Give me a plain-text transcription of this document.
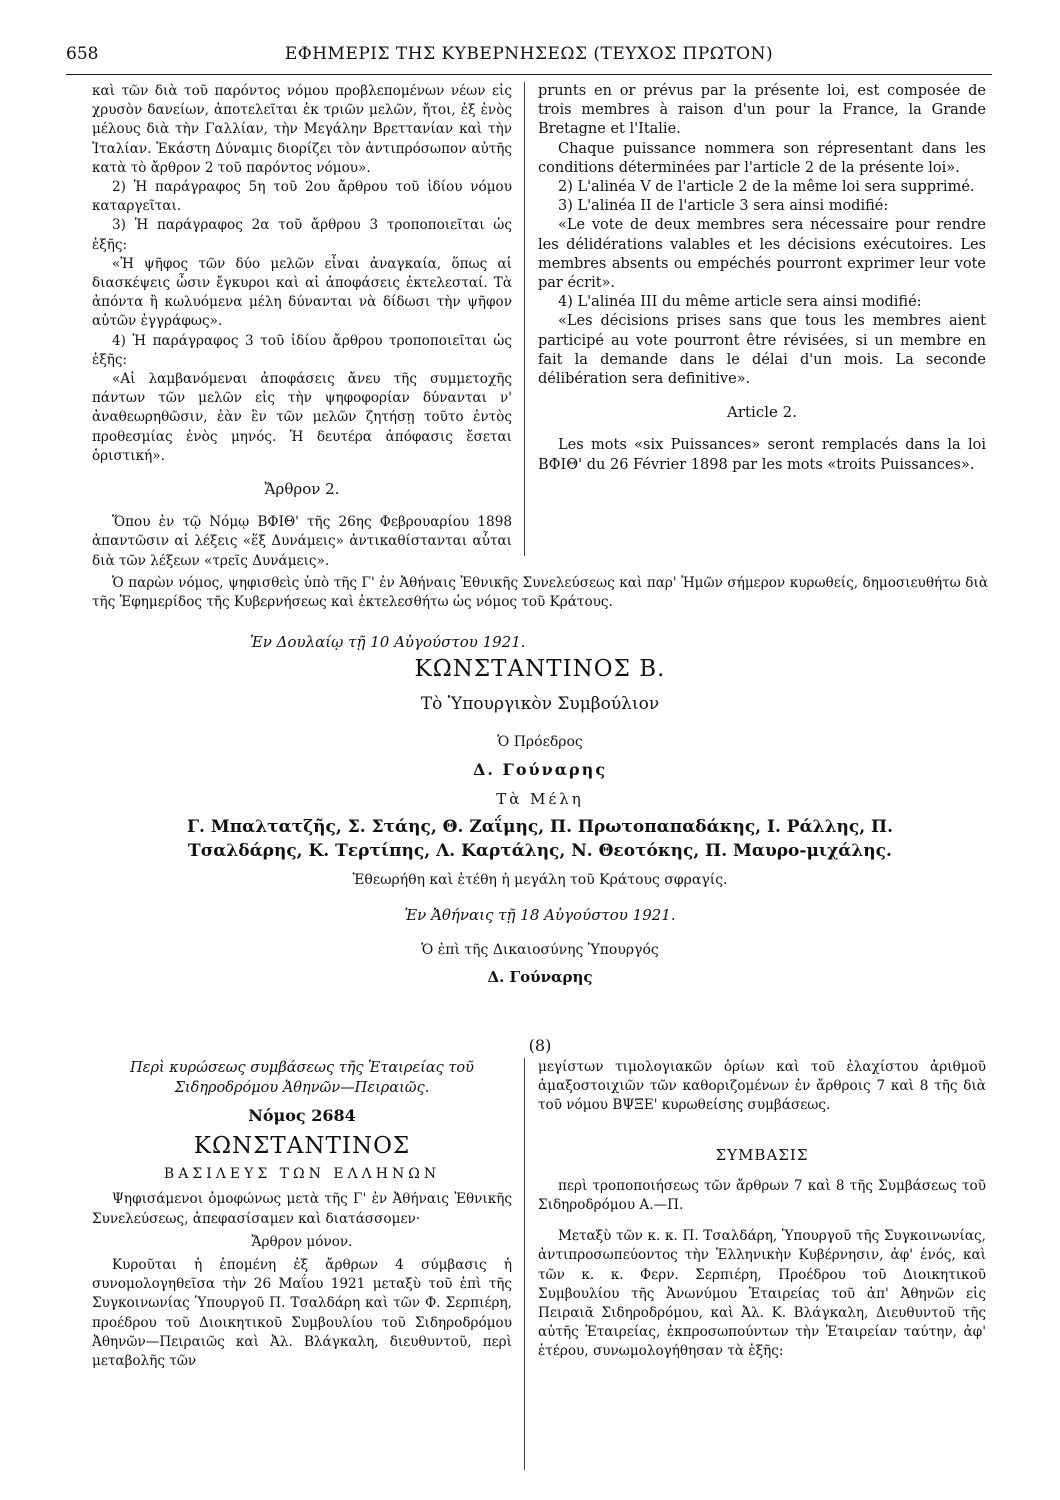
658	ΕΦΗΜΕΡΙΣ ΤΗΣ ΚΥΒΕΡΝΗΣΕΩΣ (ΤΕΥΧΟΣ ΠΡΩΤΟΝ)

καὶ τῶν διὰ τοῦ παρόντος νόμου προβλεπομένων νέων εἰς χρυσὸν δανείων, ἀποτελεῖται ἐκ τριῶν μελῶν, ἤτοι, ἐξ ἑνὸς μέλους διὰ τὴν Γαλλίαν, τὴν Μεγάλην Βρεττανίαν καὶ τὴν Ἰταλίαν. Ἑκάστη Δύναμις διορίζει τὸν ἀντιπρόσωπον αὐτῆς κατὰ τὸ ἄρθρον 2 τοῦ παρόντος νόμου».

2) Ἡ παράγραφος 5η τοῦ 2ου ἄρθρου τοῦ ἰδίου νόμου καταργεῖται.

3) Ἡ παράγραφος 2α τοῦ ἄρθρου 3 τροποποιεῖται ὡς ἑξῆς:

«Ἡ ψῆφος τῶν δύο μελῶν εἶναι ἀναγκαία, ὅπως αἱ διασκέψεις ὦσιν ἔγκυροι καὶ αἱ ἀποφάσεις ἐκτελεσταί. Τὰ ἀπόντα ἢ κωλυόμενα μέλη δύνανται νὰ δίδωσι τὴν ψῆφον αὐτῶν ἐγγράφως».

4) Ἡ παράγραφος 3 τοῦ ἰδίου ἄρθρου τροποποιεῖται ὡς ἑξῆς:

«Αἱ λαμβανόμεναι ἀποφάσεις ἄνευ τῆς συμμετοχῆς πάντων τῶν μελῶν εἰς τὴν ψηφοφορίαν δύνανται ν' ἀναθεωρηθῶσιν, ἐὰν ἓν τῶν μελῶν ζητήσῃ τοῦτο ἐντὸς προθεσμίας ἑνὸς μηνός. Ἡ δευτέρα ἀπόφασις ἔσεται ὁριστική».

Ἄρθρον 2.

Ὅπου ἐν τῷ Νόμῳ ΒΦΙΘ' τῆς 26ης Φεβρουαρίου 1898 ἀπαντῶσιν αἱ λέξεις «ἕξ Δυνάμεις» ἀντικαθίστανται αὗται διὰ τῶν λέξεων «τρεῖς Δυνάμεις».

prunts en or prévus par la présente loi, est composée de trois membres à raison d'un pour la France, la Grande Bretagne et l'Italie.

Chaque puissance nommera son répresentant dans les conditions déterminées par l'article 2 de la présente loi».

2) L'alinéa V de l'article 2 de la même loi sera supprimé.

3) L'alinéa II de l'article 3 sera ainsi modifié:

«Le vote de deux membres sera nécessaire pour rendre les délidérations valables et les décisions exécutoires. Les membres absents ou empéchés pourront exprimer leur vote par écrit».

4) L'alinéa III du même article sera ainsi modifié:

«Les décisions prises sans que tous les membres aient participé au vote pourront être révisées, si un membre en fait la demande dans le délai d'un mois. La seconde délibération sera definitive».

Article 2.

Les mots «six Puissances» seront remplacés dans la loi ΒΦΙΘ' du 26 Février 1898 par les mots «troits Puissances».

Ὁ παρὼν νόμος, ψηφισθεὶς ὑπὸ τῆς Γ' ἐν Ἀθήναις Ἐθνικῆς Συνελεύσεως καὶ παρ' Ἡμῶν σήμερον κυρωθείς, δημοσιευθήτω διὰ τῆς Ἐφημερίδος τῆς Κυβερνήσεως καὶ ἐκτελεσθήτω ὡς νόμος τοῦ Κράτους.

Ἐν Δουλαίῳ τῇ 10 Αὐγούστου 1921.
ΚΩΝΣΤΑΝΤΙΝΟΣ Β.
Τὸ Ὑπουργικὸν Συμβούλιον
Ὁ Πρόεδρος
Δ. Γούναρης
Τὰ Μέλη
Γ. Μπαλτατζῆς, Σ. Στάης, Θ. Ζαΐμης, Π. Πρωτοπαπαδάκης, Ι. Ράλλης, Π.
Τσαλδάρης, Κ. Τερτίπης, Λ. Καρτάλης, Ν. Θεοτόκης, Π. Μαυρο-μιχάλης.
Ἐθεωρήθη καὶ ἐτέθη ἡ μεγάλη τοῦ Κράτους σφραγίς.
Ἐν Ἀθήναις τῇ 18 Αὐγούστου 1921.
Ὁ ἐπὶ τῆς Δικαιοσύνης Ὑπουργός
Δ. Γούναρης
(8)

Περὶ κυρώσεως συμβάσεως τῆς Ἑταιρείας τοῦ Σιδηροδρόμου Ἀθηνῶν—Πειραιῶς.

Νόμος 2684

ΚΩΝΣΤΑΝΤΙΝΟΣ

ΒΑΣΙΛΕΥΣ ΤΩΝ ΕΛΛΗΝΩΝ

Ψηφισάμενοι ὁμοφώνως μετὰ τῆς Γ' ἐν Ἀθήναις Ἐθνικῆς Συνελεύσεως, ἀπεφασίσαμεν καὶ διατάσσομεν·

Ἄρθρον μόνον.

Κυροῦται ἡ ἑπομένη ἐξ ἄρθρων 4 σύμβασις ἡ συνομολογηθεῖσα τὴν 26 Μαΐου 1921 μεταξὺ τοῦ ἐπὶ τῆς Συγκοινωνίας Ὑπουργοῦ Π. Τσαλδάρη καὶ τῶν Φ. Σερπιέρη, προέδρου τοῦ Διοικητικοῦ Συμβουλίου τοῦ Σιδηροδρόμου Ἀθηνῶν—Πειραιῶς καὶ Ἀλ. Βλάγκαλη, διευθυντοῦ, περὶ μεταβολῆς τῶν

μεγίστων τιμολογιακῶν ὁρίων καὶ τοῦ ἐλαχίστου ἀριθμοῦ ἁμαξοστοιχιῶν τῶν καθοριζομένων ἐν ἄρθροις 7 καὶ 8 τῆς διὰ τοῦ νόμου ΒΨΞΕ' κυρωθείσης συμβάσεως.

ΣΥΜΒΑΣΙΣ

περὶ τροποποιήσεως τῶν ἄρθρων 7 καὶ 8 τῆς Συμβάσεως τοῦ Σιδηροδρόμου Α.—Π.

Μεταξὺ τῶν κ. κ. Π. Τσαλδάρη, Ὑπουργοῦ τῆς Συγκοινωνίας, ἀντιπροσωπεύοντος τὴν Ἑλληνικὴν Κυβέρνησιν, ἀφ' ἑνός, καὶ τῶν κ. κ. Φερν. Σερπιέρη, Προέδρου τοῦ Διοικητικοῦ Συμβουλίου τῆς Ἀνωνύμου Ἑταιρείας τοῦ ἀπ' Ἀθηνῶν εἰς Πειραιᾶ Σιδηροδρόμου, καὶ Ἀλ. Κ. Βλάγκαλη, Διευθυντοῦ τῆς αὐτῆς Ἑταιρείας, ἐκπροσωπούντων τὴν Ἑταιρείαν ταύτην, ἀφ' ἑτέρου, συνωμολογήθησαν τὰ ἑξῆς:
